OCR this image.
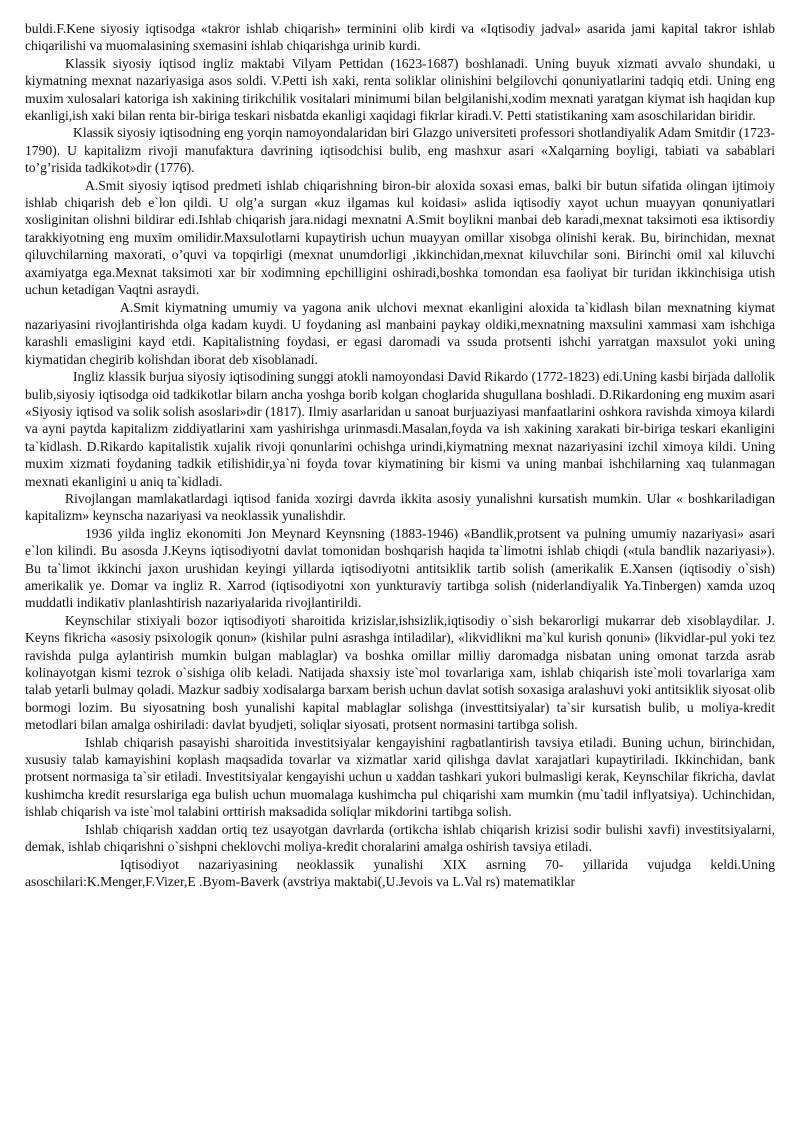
buldi.F.Kene siyosiy iqtisodga «takror ishlab chiqarish» terminini olib kirdi va «Iqtisodiy jadval» asarida jami kapital takror ishlab chiqarilishi va muomalasining sxemasini ishlab chiqarishga urinib kurdi.

Klassik siyosiy iqtisod ingliz maktabi Vilyam Pettidan (1623-1687) boshlanadi. Uning buyuk xizmati avvalo shundaki, u kiymatning mexnat nazariyasiga asos soldi. V.Petti ish xaki, renta soliklar olinishini belgilovchi qonuniyatlarini tadqiq etdi. Uning eng muxim xulosalari katoriga ish xakining tirikchilik vositalari minimumi bilan belgilanishi,xodim mexnati yaratgan kiymat ish haqidan kup ekanligi,ish xaki bilan renta bir-biriga teskari nisbatda ekanligi xaqidagi fikrlar kiradi.V. Petti statistikaning xam asoschilaridan biridir.

Klassik siyosiy iqtisodning eng yorqin namoyondalaridan biri Glazgo universiteti professori shotlandiyalik Adam Smitdir (1723-1790). U kapitalizm rivoji manufaktura davrining iqtisodchisi bulib, eng mashxur asari «Xalqarning boyligi, tabiati va sabablari to’g’risida tadkikot»dir (1776).

A.Smit siyosiy iqtisod predmeti ishlab chiqarishning biron-bir aloxida soxasi emas, balki bir butun sifatida olingan ijtimoiy ishlab chiqarish deb e`lon qildi. U olg’a surgan «kuz ilgamas kul koidasi» aslida iqtisodiy xayot uchun muayyan qonuniyatlari xosliginitan olishni bildirar edi.Ishlab chiqarish jara.nidagi mexnatni A.Smit boylikni manbai deb karadi,mexnat taksimoti esa iktisordiy tarakkiyotning eng muxim omilidir.Maxsulotlarni kupaytirish uchun muayyan omillar xisobga olinishi kerak. Bu, birinchidan, mexnat qiluvchilarning maxorati, o’quvi va topqirligi (mexnat unumdorligi ,ikkinchidan,mexnat kiluvchilar soni. Birinchi omil xal kiluvchi axamiyatga ega.Mexnat taksimoti xar bir xodimning epchilligini oshiradi,boshka tomondan esa faoliyat bir turidan ikkinchisiga utish uchun ketadigan Vaqtni asraydi.

A.Smit kiymatning umumiy va yagona anik ulchovi mexnat ekanligini aloxida ta`kidlash bilan mexnatning kiymat nazariyasini rivojlantirishda olga kadam kuydi. U foydaning asl manbaini paykay oldiki,mexnatning maxsulini xammasi xam ishchiga karashli emasligini kayd etdi. Kapitalistning foydasi, er egasi daromadi va ssuda protsenti ishchi yarratgan maxsulot yoki uning kiymatidan chegirib kolishdan iborat deb xisoblanadi.

Ingliz klassik burjua siyosiy iqtisodining sunggi atokli namoyondasi David Rikardo (1772-1823) edi.Uning kasbi birjada dallolik bulib,siyosiy iqtisodga oid tadkikotlar bilarn ancha yoshga borib kolgan choglarida shugullana boshladi. D.Rikardoning eng muxim asari «Siyosiy iqtisod va solik solish asoslari»dir (1817). Ilmiy asarlaridan u sanoat burjuaziyasi manfaatlarini oshkora ravishda ximoya kilardi va ayni paytda kapitalizm ziddiyatlarini xam yashirishga urinmasdi.Masalan,foyda va ish xakining xarakati bir-biriga teskari ekanligini ta`kidlash. D.Rikardo kapitalistik xujalik rivoji qonunlarini ochishga urindi,kiymatning mexnat nazariyasini izchil ximoya kildi. Uning muxim xizmati foydaning tadkik etilishidir,ya`ni foyda tovar kiymatining bir kismi va uning manbai ishchilarning xaq tulanmagan mexnati ekanligini u aniq ta`kidladi.

Rivojlangan mamlakatlardagi iqtisod fanida xozirgi davrda ikkita asosiy yunalishni kursatish mumkin. Ular « boshkariladigan kapitalizm» keynscha nazariyasi va neoklassik yunalishdir.

1936 yilda ingliz ekonomiti Jon Meynard Keynsning (1883-1946) «Bandlik,protsent va pulning umumiy nazariyasi» asari e`lon kilindi. Bu asosda J.Keyns iqtisodiyotni davlat tomonidan boshqarish haqida ta`limotni ishlab chiqdi («tula bandlik nazariyasi»). Bu ta`limot ikkinchi jaxon urushidan keyingi yillarda iqtisodiyotni antitsiklik tartib solish (amerikalik E.Xansen (iqtisodiy o`sish) amerikalik ye. Domar va ingliz R. Xarrod (iqtisodiyotni xon yunkturaviy tartibga solish (niderlandiyalik Ya.Tinbergen) xamda uzoq muddatli indikativ planlashtirish nazariyalarida rivojlantirildi.

Keynschilar stixiyali bozor iqtisodiyoti sharoitida krizislar,ishsizlik,iqtisodiy o`sish bekarorligi mukarrar deb xisoblaydilar. J. Keyns fikricha «asosiy psixologik qonun» (kishilar pulni asrashga intiladilar), «likvidlikni ma`kul kurish qonuni» (likvidlar-pul yoki tez ravishda pulga aylantirish mumkin bulgan mablaglar) va boshka omillar milliy daromadga nisbatan uning omonat tarzda asrab kolinayotgan kismi tezrok o`sishiga olib keladi. Natijada shaxsiy iste`mol tovarlariga xam, ishlab chiqarish iste`moli tovarlariga xam talab yetarli bulmay qoladi. Mazkur sadbiy xodisalarga barxam berish uchun davlat sotish soxasiga aralashuvi yoki antitsiklik siyosat olib bormogi lozim. Bu siyosatning bosh yunalishi kapital mablaglar solishga (investtitsiyalar) ta`sir kursatish bulib, u moliya-kredit metodlari bilan amalga oshiriladi: davlat byudjeti, soliqlar siyosati, protsent normasini tartibga solish.

Ishlab chiqarish pasayishi sharoitida investitsiyalar kengayishini ragbatlantirish tavsiya etiladi. Buning uchun, birinchidan, xususiy talab kamayishini koplash maqsadida tovarlar va xizmatlar xarid qilishga davlat xarajatlari kupaytiriladi. Ikkinchidan, bank protsent normasiga ta`sir etiladi. Investitsiyalar kengayishi uchun u xaddan tashkari yukori bulmasligi kerak, Keynschilar fikricha, davlat kushimcha kredit resurslariga ega bulish uchun muomalaga kushimcha pul chiqarishi xam mumkin (mu`tadil inflyatsiya). Uchinchidan, ishlab chiqarish va iste`mol talabini orttirish maksadida soliqlar mikdorini tartibga solish.

Ishlab chiqarish xaddan ortiq tez usayotgan davrlarda (ortikcha ishlab chiqarish krizisi sodir bulishi xavfi) investitsiyalarni, demak, ishlab chiqarishni o`sishpni cheklovchi moliya-kredit choralarini amalga oshirish tavsiya etiladi.

Iqtisodiyot nazariyasining neoklassik yunalishi XIX asrning 70- yillarida vujudga keldi.Uning asoschilari:K.Menger,F.Vizer,E .Byom-Baverk (avstriya maktabi(,U.Jevois va L.Val rs) matematiklar
